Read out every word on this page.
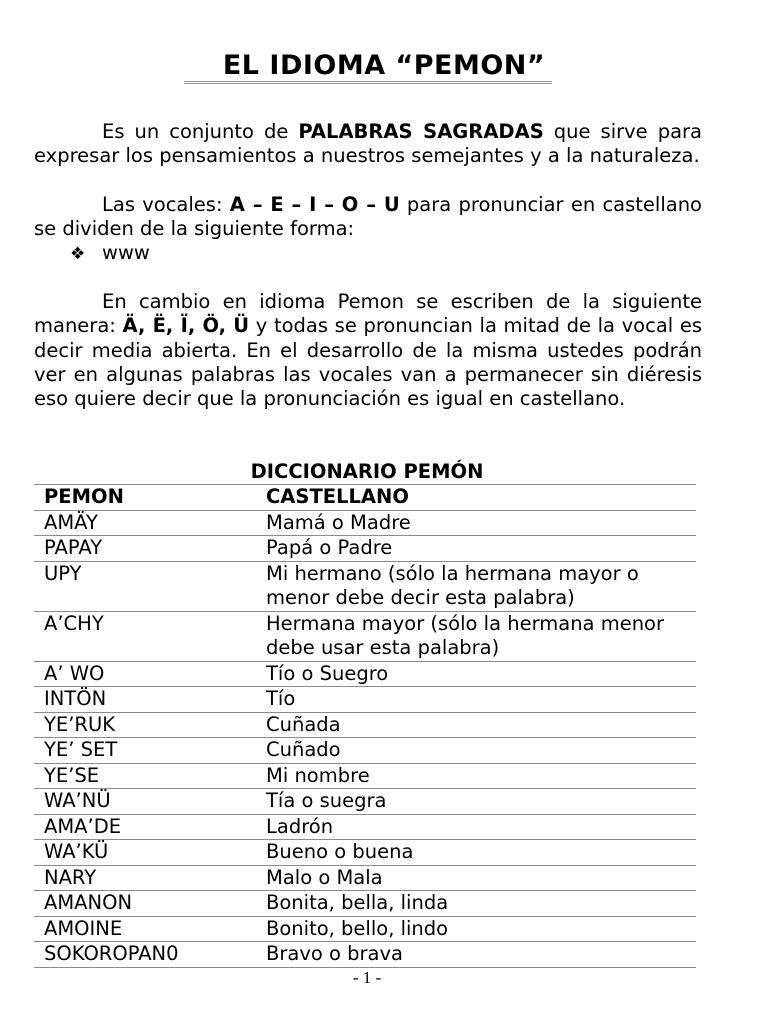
EL IDIOMA “PEMON”
Es un conjunto de PALABRAS SAGRADAS que sirve para expresar los pensamientos a nuestros semejantes y a la naturaleza.
Las vocales: A – E – I – O – U para pronunciar en castellano se dividen de la siguiente forma:
❖ www
En cambio en idioma Pemon se escriben de la siguiente manera: Ä, Ë, Ï, Ö, Ü y todas se pronuncian la mitad de la vocal es decir media abierta. En el desarrollo de la misma ustedes podrán ver en algunas palabras las vocales van a permanecer sin diéresis eso quiere decir que la pronunciación es igual en castellano.
DICCIONARIO PEMÓN
PEMON	CASTELLANO
AMÄY	Mamá o Madre
PAPAY	Papá o Padre
UPY	Mi hermano (sólo la hermana mayor o menor debe decir esta palabra)
A’CHY	Hermana mayor (sólo la hermana menor debe usar esta palabra)
A’ WO	Tío o Suegro
INTÖN	Tío
YE’RUK	Cuñada
YE’ SET	Cuñado
YE’SE	Mi nombre
WA’NÜ	Tía o suegra
AMA’DE	Ladrón
WA’KÜ	Bueno o buena
NARY	Malo o Mala
AMANON	Bonita, bella, linda
AMOINE	Bonito, bello, lindo
SOKOROPAN0	Bravo o brava
- 1 -
